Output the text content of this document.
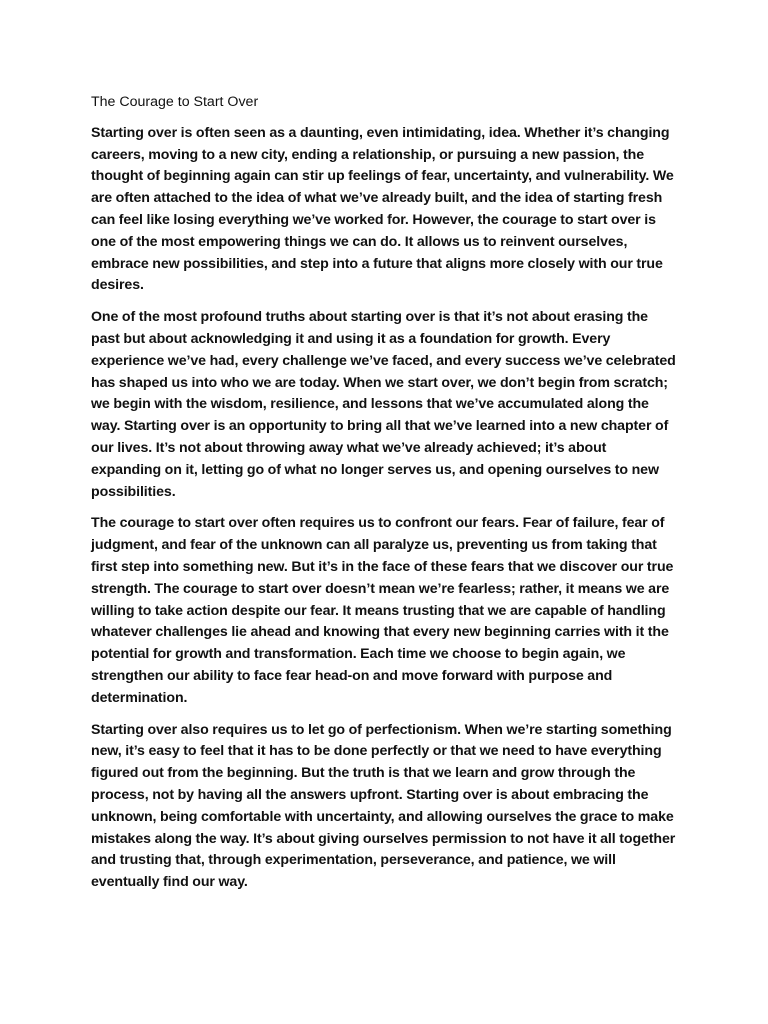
The Courage to Start Over

Starting over is often seen as a daunting, even intimidating, idea. Whether it’s changing careers, moving to a new city, ending a relationship, or pursuing a new passion, the thought of beginning again can stir up feelings of fear, uncertainty, and vulnerability. We are often attached to the idea of what we’ve already built, and the idea of starting fresh can feel like losing everything we’ve worked for. However, the courage to start over is one of the most empowering things we can do. It allows us to reinvent ourselves, embrace new possibilities, and step into a future that aligns more closely with our true desires.

One of the most profound truths about starting over is that it’s not about erasing the past but about acknowledging it and using it as a foundation for growth. Every experience we’ve had, every challenge we’ve faced, and every success we’ve celebrated has shaped us into who we are today. When we start over, we don’t begin from scratch; we begin with the wisdom, resilience, and lessons that we’ve accumulated along the way. Starting over is an opportunity to bring all that we’ve learned into a new chapter of our lives. It’s not about throwing away what we’ve already achieved; it’s about expanding on it, letting go of what no longer serves us, and opening ourselves to new possibilities.

The courage to start over often requires us to confront our fears. Fear of failure, fear of judgment, and fear of the unknown can all paralyze us, preventing us from taking that first step into something new. But it’s in the face of these fears that we discover our true strength. The courage to start over doesn’t mean we’re fearless; rather, it means we are willing to take action despite our fear. It means trusting that we are capable of handling whatever challenges lie ahead and knowing that every new beginning carries with it the potential for growth and transformation. Each time we choose to begin again, we strengthen our ability to face fear head-on and move forward with purpose and determination.

Starting over also requires us to let go of perfectionism. When we’re starting something new, it’s easy to feel that it has to be done perfectly or that we need to have everything figured out from the beginning. But the truth is that we learn and grow through the process, not by having all the answers upfront. Starting over is about embracing the unknown, being comfortable with uncertainty, and allowing ourselves the grace to make mistakes along the way. It’s about giving ourselves permission to not have it all together and trusting that, through experimentation, perseverance, and patience, we will eventually find our way.
